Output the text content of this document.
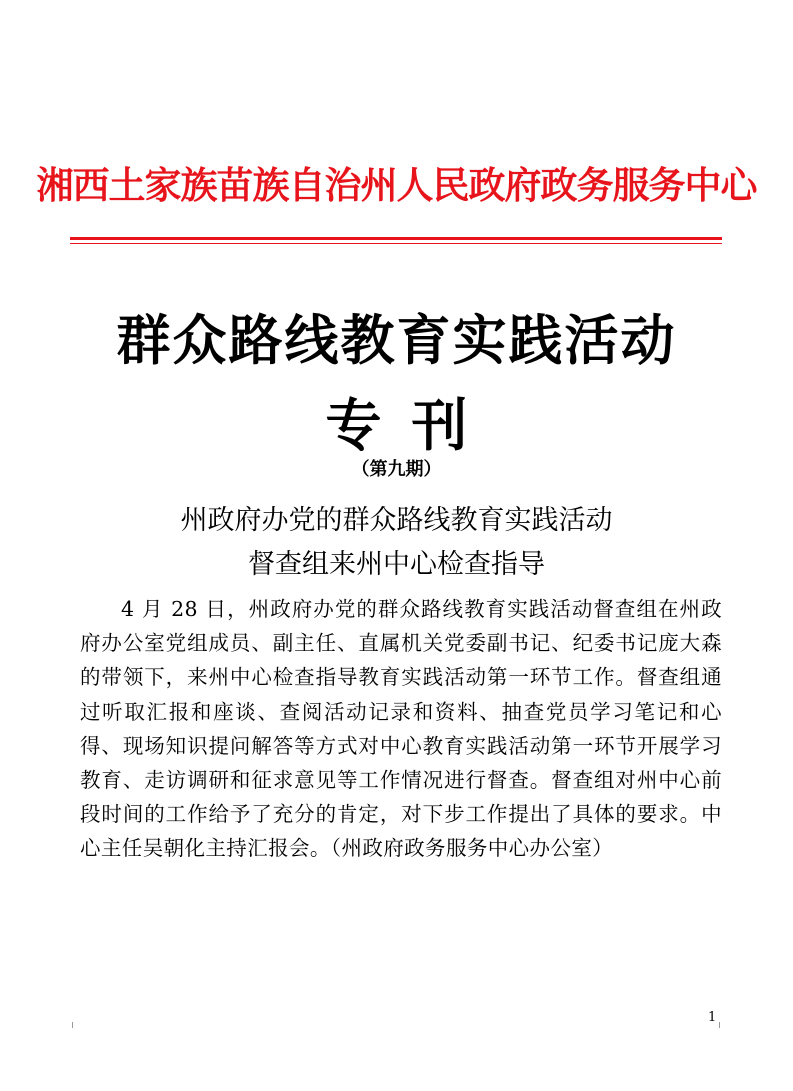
湘西土家族苗族自治州人民政府政务服务中心
群众路线教育实践活动
专刊
（第九期）
州政府办党的群众路线教育实践活动
督查组来州中心检查指导
4 月 28 日，州政府办党的群众路线教育实践活动督查组在州政府办公室党组成员、副主任、直属机关党委副书记、纪委书记庞大森的带领下，来州中心检查指导教育实践活动第一环节工作。督查组通过听取汇报和座谈、查阅活动记录和资料、抽查党员学习笔记和心得、现场知识提问解答等方式对中心教育实践活动第一环节开展学习教育、走访调研和征求意见等工作情况进行督查。督查组对州中心前段时间的工作给予了充分的肯定，对下步工作提出了具体的要求。中心主任吴朝化主持汇报会。（州政府政务服务中心办公室）
1
